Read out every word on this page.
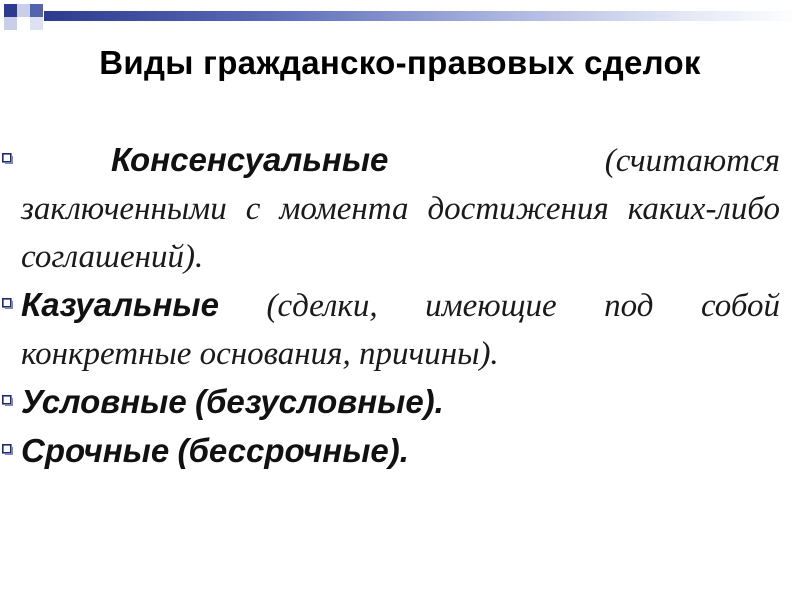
Виды гражданско-правовых сделок
Консенсуальные	(считаются
заключенными с момента достижения каких-либо соглашений).
Казуальные (сделки, имеющие под собой конкретные основания, причины).
Условные (безусловные).
Срочные (бессрочные).
